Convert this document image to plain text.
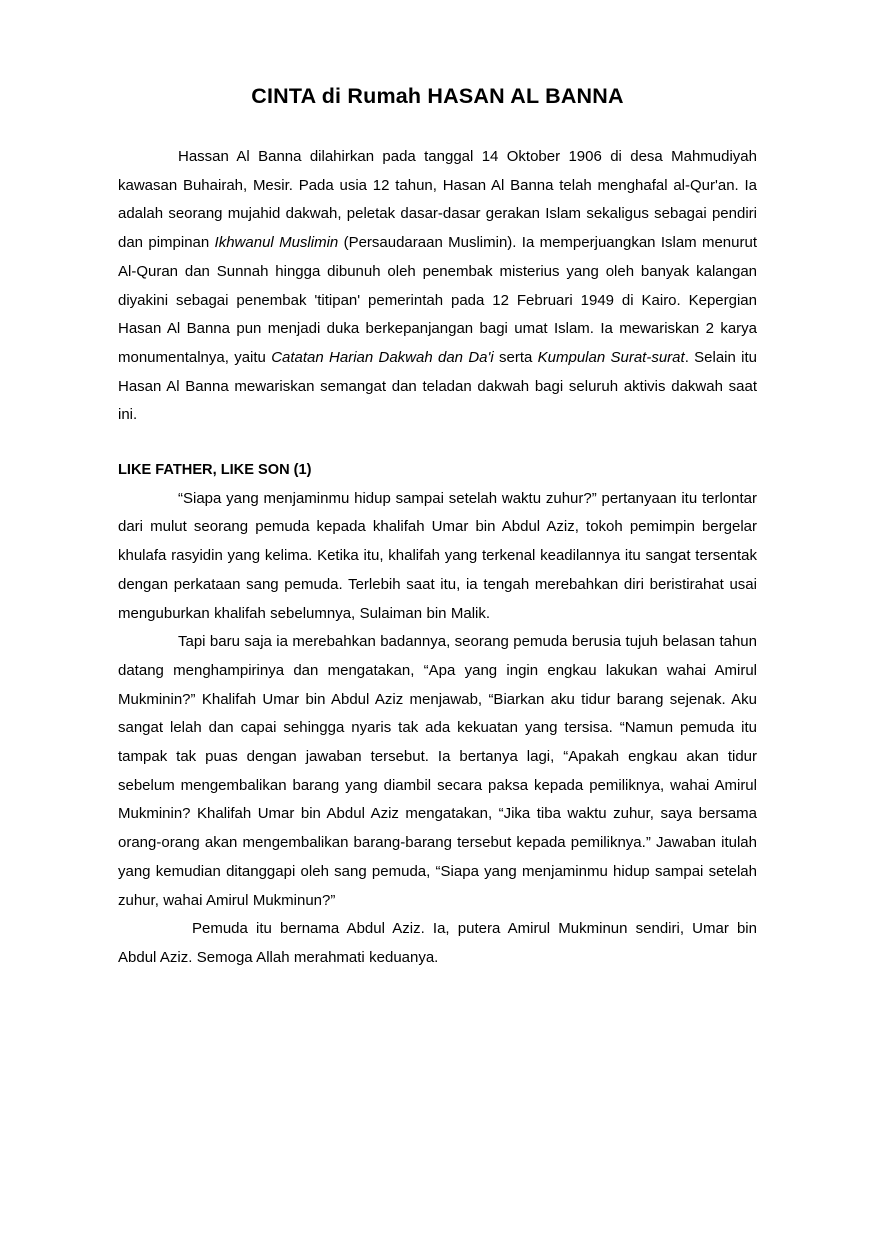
CINTA di Rumah HASAN AL BANNA

Hassan Al Banna dilahirkan pada tanggal 14 Oktober 1906 di desa Mahmudiyah kawasan Buhairah, Mesir. Pada usia 12 tahun, Hasan Al Banna telah menghafal al-Qur'an. Ia adalah seorang mujahid dakwah, peletak dasar-dasar gerakan Islam sekaligus sebagai pendiri dan pimpinan Ikhwanul Muslimin (Persaudaraan Muslimin). Ia memperjuangkan Islam menurut Al-Quran dan Sunnah hingga dibunuh oleh penembak misterius yang oleh banyak kalangan diyakini sebagai penembak 'titipan' pemerintah pada 12 Februari 1949 di Kairo. Kepergian Hasan Al Banna pun menjadi duka berkepanjangan bagi umat Islam. Ia mewariskan 2 karya monumentalnya, yaitu Catatan Harian Dakwah dan Da'i serta Kumpulan Surat-surat. Selain itu Hasan Al Banna mewariskan semangat dan teladan dakwah bagi seluruh aktivis dakwah saat ini.

LIKE FATHER, LIKE SON (1)

“Siapa yang menjaminmu hidup sampai setelah waktu zuhur?” pertanyaan itu terlontar dari mulut seorang pemuda kepada khalifah Umar bin Abdul Aziz, tokoh pemimpin bergelar khulafa rasyidin yang kelima. Ketika itu, khalifah yang terkenal keadilannya itu sangat tersentak dengan perkataan sang pemuda. Terlebih saat itu, ia tengah merebahkan diri beristirahat usai menguburkan khalifah sebelumnya, Sulaiman bin Malik.

Tapi baru saja ia merebahkan badannya, seorang pemuda berusia tujuh belasan tahun datang menghampirinya dan mengatakan, “Apa yang ingin engkau lakukan wahai Amirul Mukminin?” Khalifah Umar bin Abdul Aziz menjawab, “Biarkan aku tidur barang sejenak. Aku sangat lelah dan capai sehingga nyaris tak ada kekuatan yang tersisa. “Namun pemuda itu tampak tak puas dengan jawaban tersebut. Ia bertanya lagi, “Apakah engkau akan tidur sebelum mengembalikan barang yang diambil secara paksa kepada pemiliknya, wahai Amirul Mukminin? Khalifah Umar bin Abdul Aziz mengatakan, “Jika tiba waktu zuhur, saya bersama orang-orang akan mengembalikan barang-barang tersebut kepada pemiliknya.” Jawaban itulah yang kemudian ditanggapi oleh sang pemuda, “Siapa yang menjaminmu hidup sampai setelah zuhur, wahai Amirul Mukminun?”

Pemuda itu bernama Abdul Aziz. Ia, putera Amirul Mukminun sendiri, Umar bin Abdul Aziz. Semoga Allah merahmati keduanya.
